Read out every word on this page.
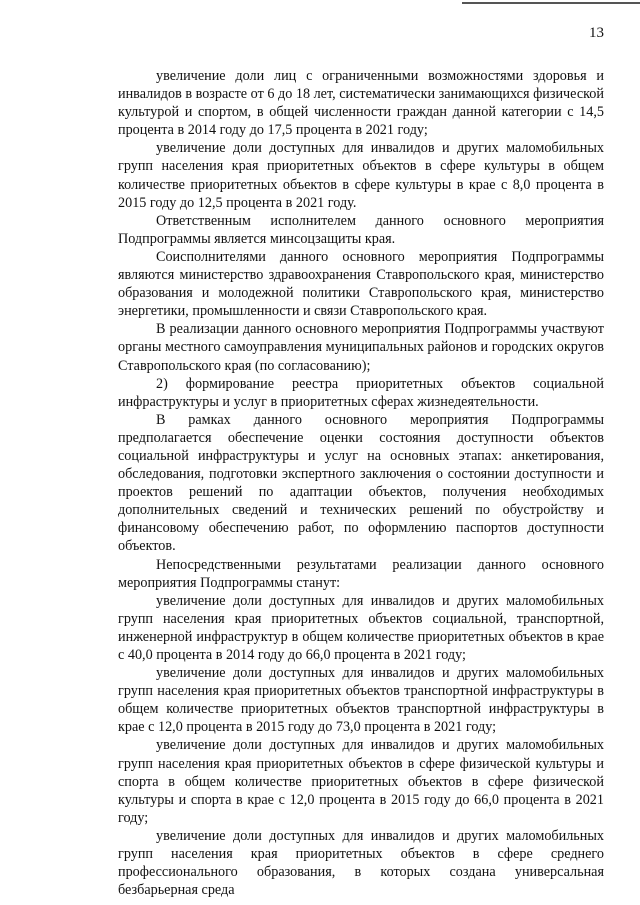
13

увеличение доли лиц с ограниченными возможностями здоровья и инвалидов в возрасте от 6 до 18 лет, систематически занимающихся физической культурой и спортом, в общей численности граждан данной категории с 14,5 процента в 2014 году до 17,5 процента в 2021 году;

увеличение доли доступных для инвалидов и других маломобильных групп населения края приоритетных объектов в сфере культуры в общем количестве приоритетных объектов в сфере культуры в крае с 8,0 процента в 2015 году до 12,5 процента в 2021 году.

Ответственным исполнителем данного основного мероприятия Подпрограммы является минсоцзащиты края.

Соисполнителями данного основного мероприятия Подпрограммы являются министерство здравоохранения Ставропольского края, министерство образования и молодежной политики Ставропольского края, министерство энергетики, промышленности и связи Ставропольского края.

В реализации данного основного мероприятия Подпрограммы участвуют органы местного самоуправления муниципальных районов и городских округов Ставропольского края (по согласованию);

2) формирование реестра приоритетных объектов социальной инфраструктуры и услуг в приоритетных сферах жизнедеятельности.

В рамках данного основного мероприятия Подпрограммы предполагается обеспечение оценки состояния доступности объектов социальной инфраструктуры и услуг на основных этапах: анкетирования, обследования, подготовки экспертного заключения о состоянии доступности и проектов решений по адаптации объектов, получения необходимых дополнительных сведений и технических решений по обустройству и финансовому обеспечению работ, по оформлению паспортов доступности объектов.

Непосредственными результатами реализации данного основного мероприятия Подпрограммы станут:

увеличение доли доступных для инвалидов и других маломобильных групп населения края приоритетных объектов социальной, транспортной, инженерной инфраструктур в общем количестве приоритетных объектов в крае с 40,0 процента в 2014 году до 66,0 процента в 2021 году;

увеличение доли доступных для инвалидов и других маломобильных групп населения края приоритетных объектов транспортной инфраструктуры в общем количестве приоритетных объектов транспортной инфраструктуры в крае с 12,0 процента в 2015 году до 73,0 процента в 2021 году;

увеличение доли доступных для инвалидов и других маломобильных групп населения края приоритетных объектов в сфере физической культуры и спорта в общем количестве приоритетных объектов в сфере физической культуры и спорта в крае с 12,0 процента в 2015 году до 66,0 процента в 2021 году;

увеличение доли доступных для инвалидов и других маломобильных групп населения края приоритетных объектов в сфере среднего профессионального образования, в которых создана универсальная безбарьерная среда
